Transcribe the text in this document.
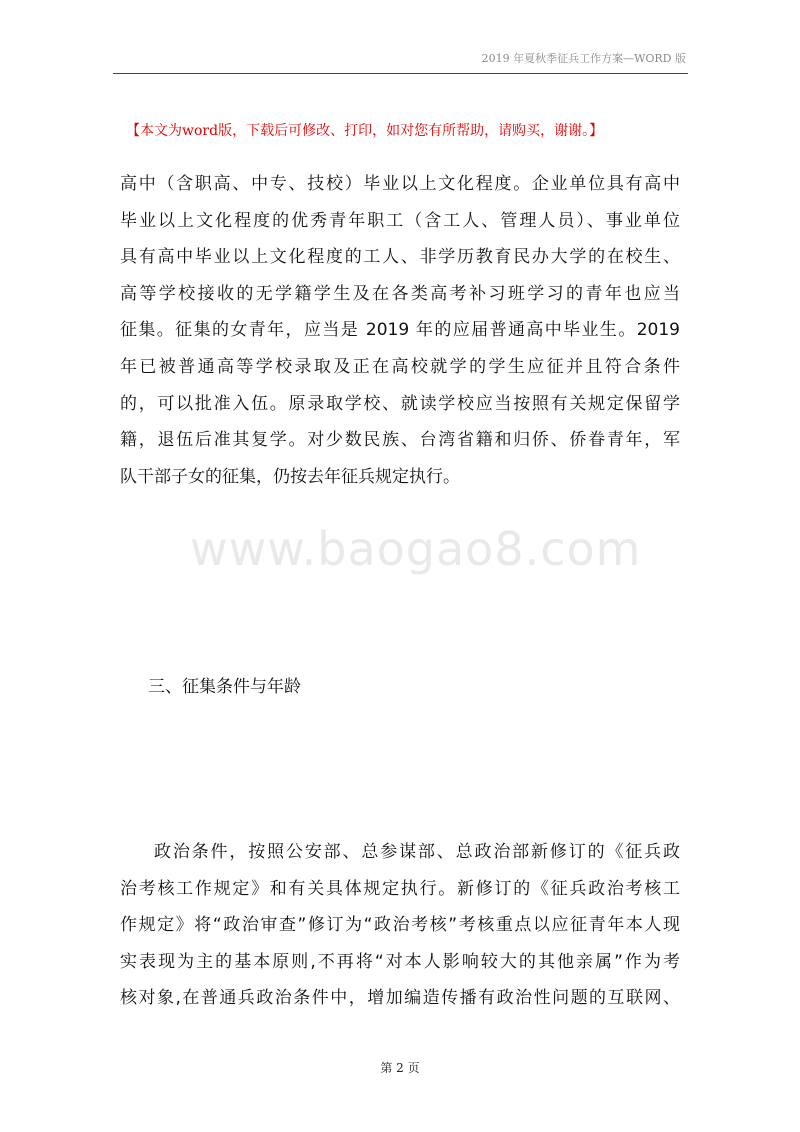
2019 年夏秋季征兵工作方案—WORD 版
【本文为word版，下载后可修改、打印，如对您有所帮助，请购买，谢谢。】
高中（含职高、中专、技校）毕业以上文化程度。企业单位具有高中
毕业以上文化程度的优秀青年职工（含工人、管理人员）、事业单位
具有高中毕业以上文化程度的工人、非学历教育民办大学的在校生、
高等学校接收的无学籍学生及在各类高考补习班学习的青年也应当
征集。征集的女青年，应当是 2019 年的应届普通高中毕业生。2019
年已被普通高等学校录取及正在高校就学的学生应征并且符合条件
的，可以批准入伍。原录取学校、就读学校应当按照有关规定保留学
籍，退伍后准其复学。对少数民族、台湾省籍和归侨、侨眷青年，军
队干部子女的征集，仍按去年征兵规定执行。
www.baogao8.com
三、征集条件与年龄
政治条件，按照公安部、总参谋部、总政治部新修订的《征兵政
治考核工作规定》和有关具体规定执行。新修订的《征兵政治考核工
作规定》将“政治审查”修订为“政治考核”考核重点以应征青年本人现
实表现为主的基本原则,不再将“对本人影响较大的其他亲属”作为考
核对象,在普通兵政治条件中，增加编造传播有政治性问题的互联网、
第 2 页
